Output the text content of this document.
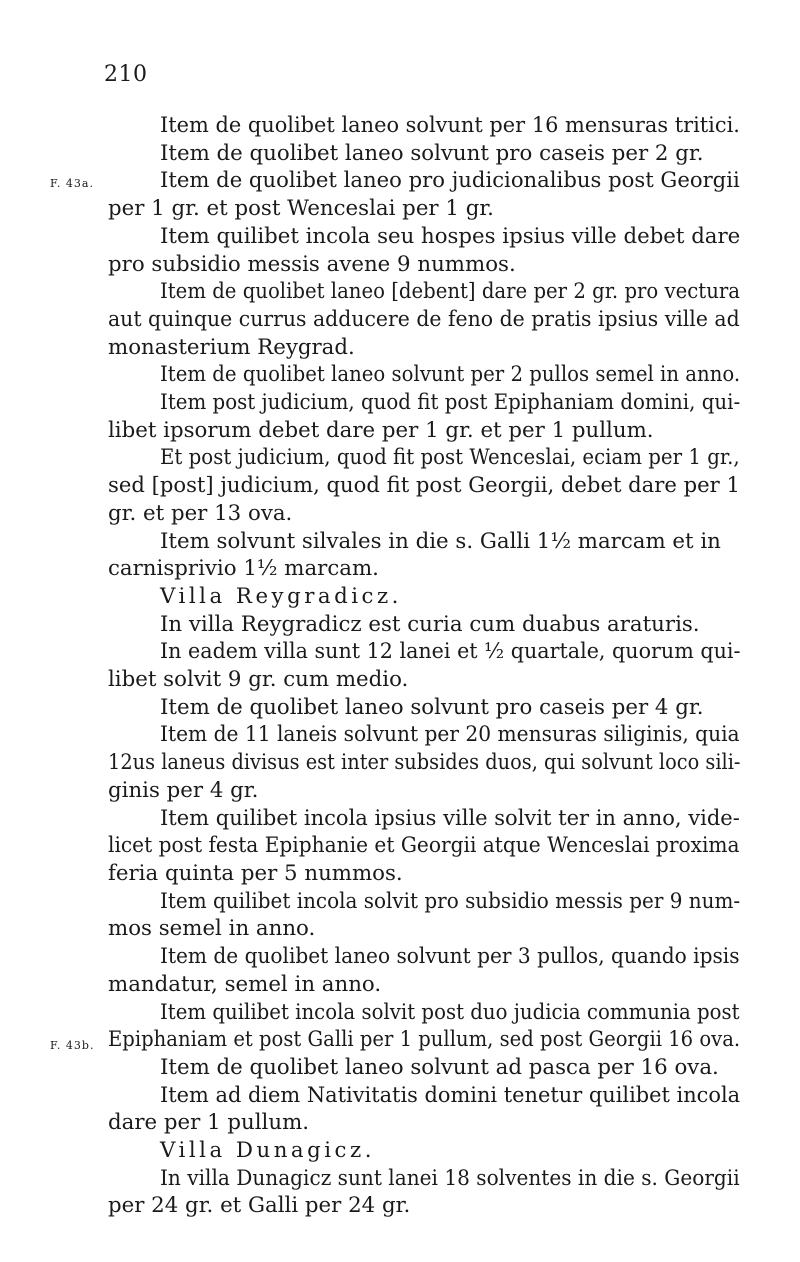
210
F. 43a.
F. 43b.
Item de quolibet laneo solvunt per 16 mensuras tritici.
Item de quolibet laneo solvunt pro caseis per 2 gr.
Item de quolibet laneo pro judicionalibus post Georgii
per 1 gr. et post Wenceslai per 1 gr.
Item quilibet incola seu hospes ipsius ville debet dare
pro subsidio messis avene 9 nummos.
Item de quolibet laneo [debent] dare per 2 gr. pro vectura
aut quinque currus adducere de feno de pratis ipsius ville ad
monasterium Reygrad.
Item de quolibet laneo solvunt per 2 pullos semel in anno.
Item post judicium, quod fit post Epiphaniam domini, qui-
libet ipsorum debet dare per 1 gr. et per 1 pullum.
Et post judicium, quod fit post Wenceslai, eciam per 1 gr.,
sed [post] judicium, quod fit post Georgii, debet dare per 1
gr. et per 13 ova.
Item solvunt silvales in die s. Galli 1½ marcam et in
carnisprivio 1½ marcam.
Villa Reygradicz.
In villa Reygradicz est curia cum duabus araturis.
In eadem villa sunt 12 lanei et ½ quartale, quorum qui-
libet solvit 9 gr. cum medio.
Item de quolibet laneo solvunt pro caseis per 4 gr.
Item de 11 laneis solvunt per 20 mensuras siliginis, quia
12us laneus divisus est inter subsides duos, qui solvunt loco sili-
ginis per 4 gr.
Item quilibet incola ipsius ville solvit ter in anno, vide-
licet post festa Epiphanie et Georgii atque Wenceslai proxima
feria quinta per 5 nummos.
Item quilibet incola solvit pro subsidio messis per 9 num-
mos semel in anno.
Item de quolibet laneo solvunt per 3 pullos, quando ipsis
mandatur, semel in anno.
Item quilibet incola solvit post duo judicia communia post
Epiphaniam et post Galli per 1 pullum, sed post Georgii 16 ova.
Item de quolibet laneo solvunt ad pasca per 16 ova.
Item ad diem Nativitatis domini tenetur quilibet incola
dare per 1 pullum.
Villa Dunagicz.
In villa Dunagicz sunt lanei 18 solventes in die s. Georgii
per 24 gr. et Galli per 24 gr.
